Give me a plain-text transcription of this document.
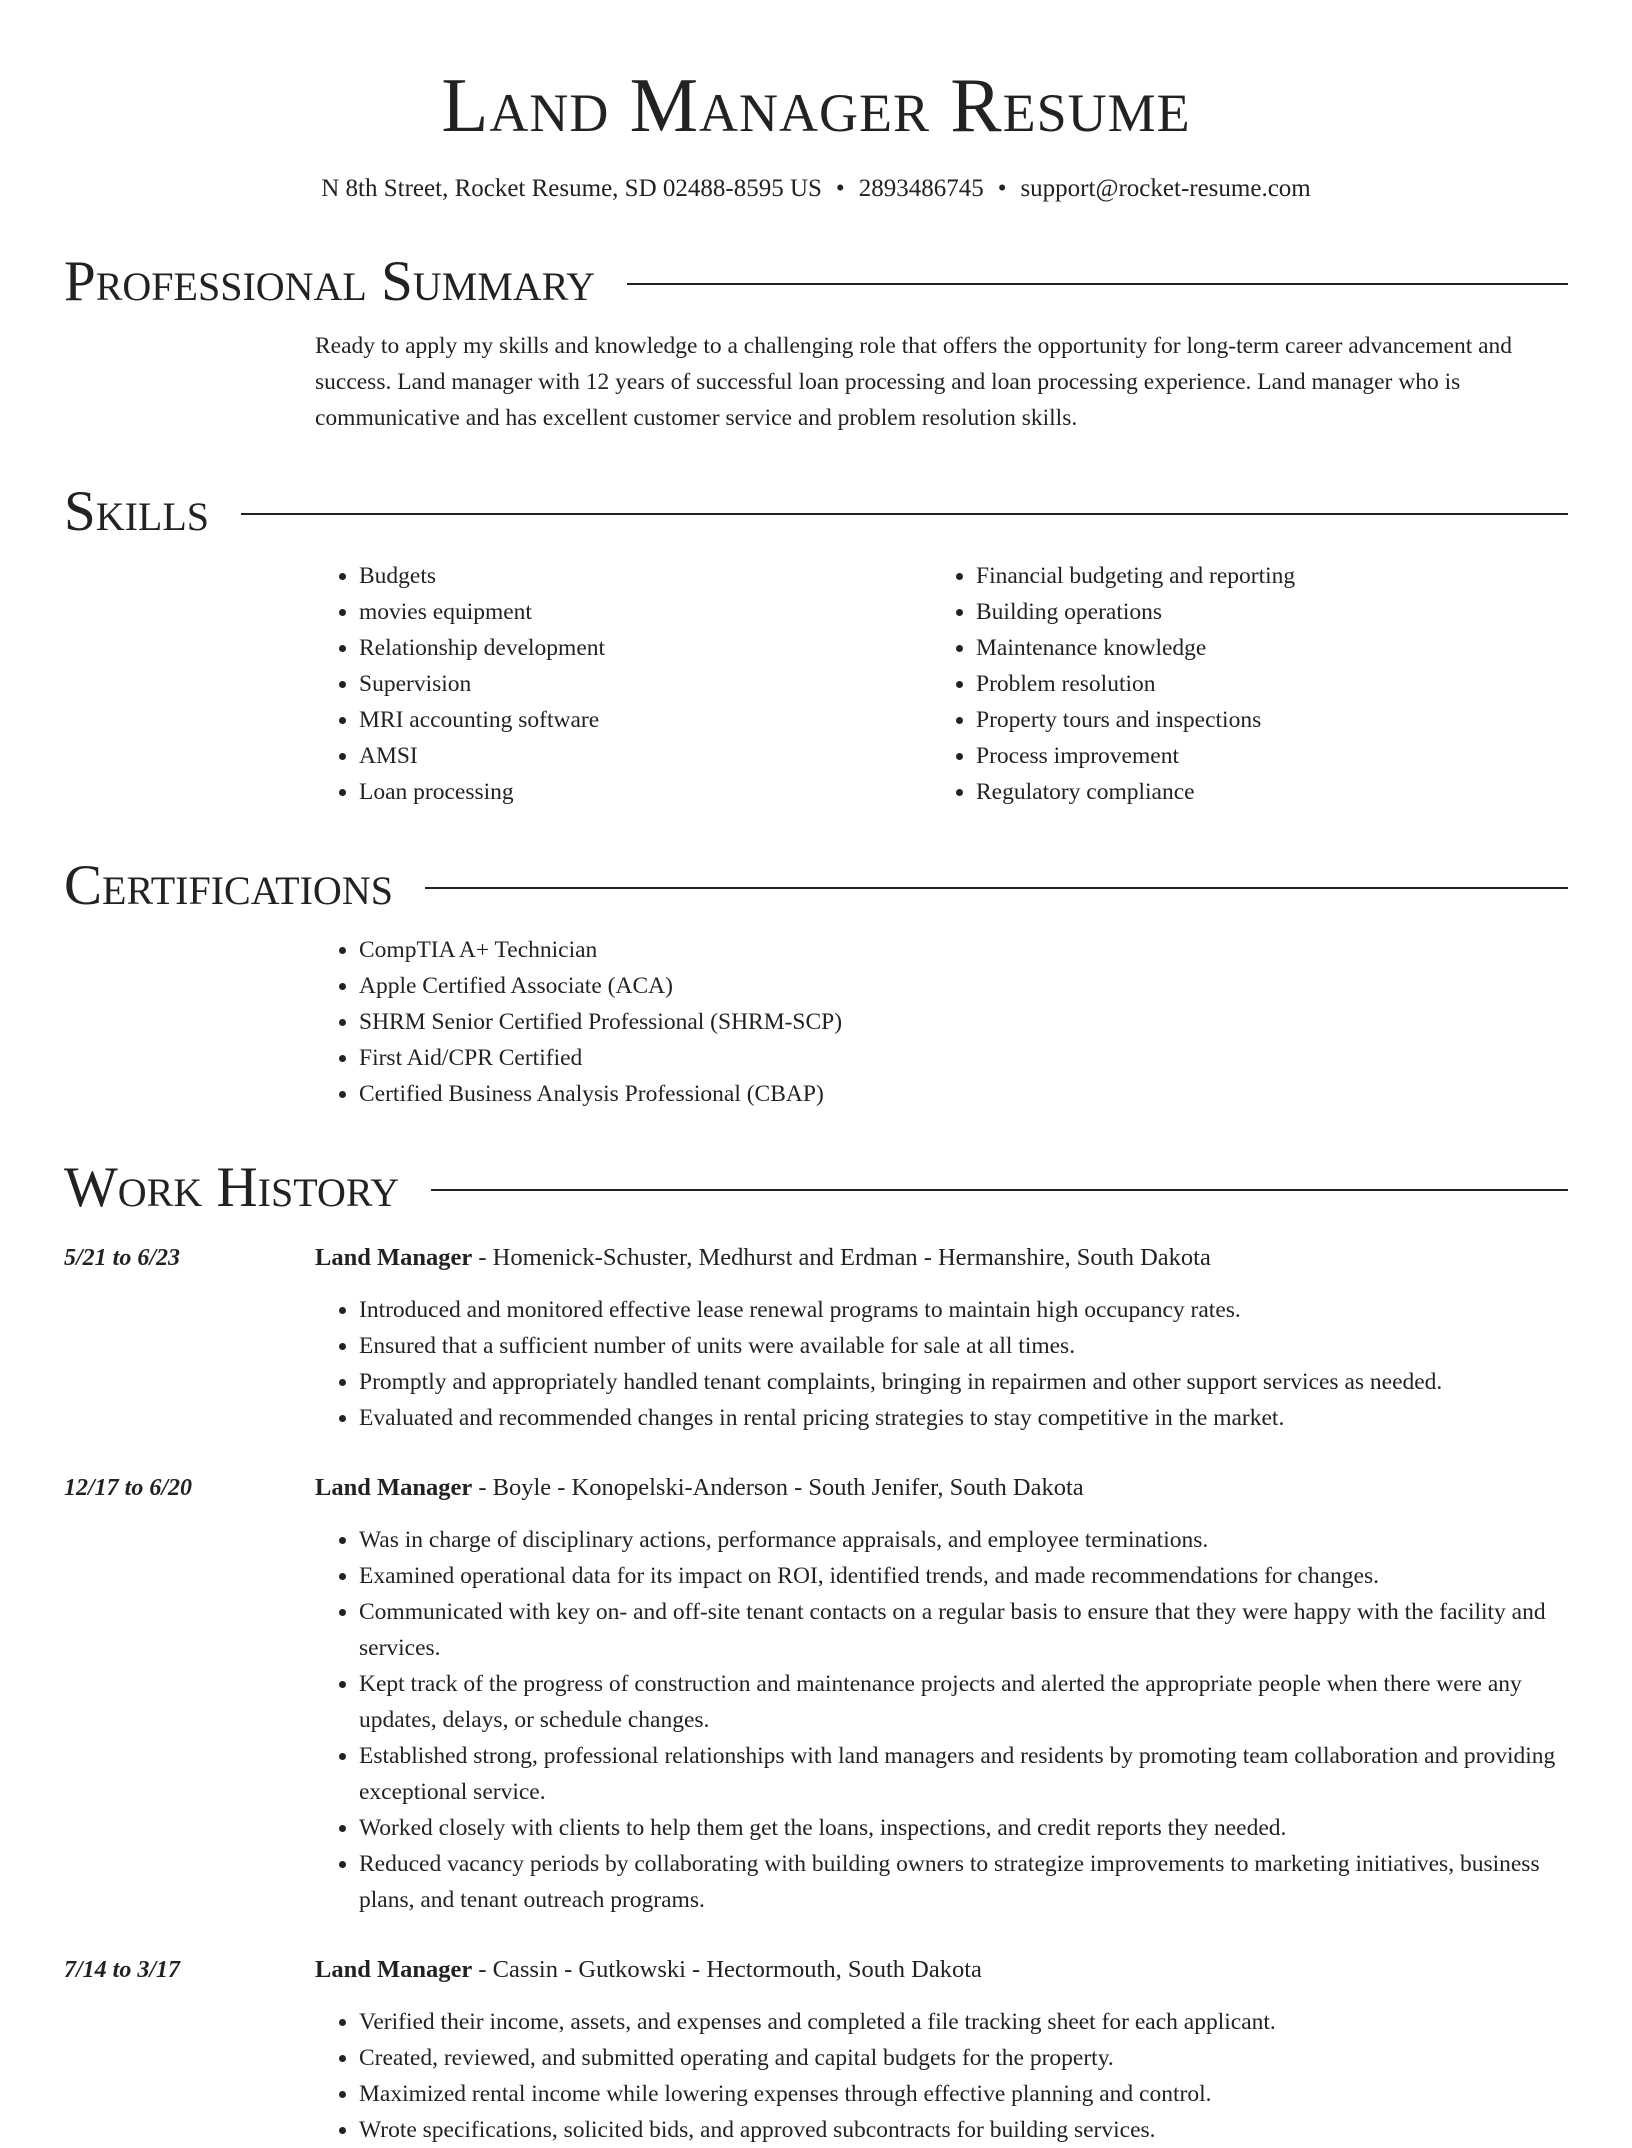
Land Manager Resume
N 8th Street, Rocket Resume, SD 02488-8595 US • 2893486745 • support@rocket-resume.com
Professional Summary

Ready to apply my skills and knowledge to a challenging role that offers the opportunity for long-term career advancement and success. Land manager with 12 years of successful loan processing and loan processing experience. Land manager who is communicative and has excellent customer service and problem resolution skills.

Skills
• Budgets
• movies equipment
• Relationship development
• Supervision
• MRI accounting software
• AMSI
• Loan processing
• Financial budgeting and reporting
• Building operations
• Maintenance knowledge
• Problem resolution
• Property tours and inspections
• Process improvement
• Regulatory compliance
Certifications
• CompTIA A+ Technician
• Apple Certified Associate (ACA)
• SHRM Senior Certified Professional (SHRM-SCP)
• First Aid/CPR Certified
• Certified Business Analysis Professional (CBAP)
Work History
5/21 to 6/23	Land Manager - Homenick-Schuster, Medhurst and Erdman - Hermanshire, South Dakota
• Introduced and monitored effective lease renewal programs to maintain high occupancy rates.
• Ensured that a sufficient number of units were available for sale at all times.
• Promptly and appropriately handled tenant complaints, bringing in repairmen and other support services as needed.
• Evaluated and recommended changes in rental pricing strategies to stay competitive in the market.
12/17 to 6/20	Land Manager - Boyle - Konopelski-Anderson - South Jenifer, South Dakota
• Was in charge of disciplinary actions, performance appraisals, and employee terminations.
• Examined operational data for its impact on ROI, identified trends, and made recommendations for changes.
• Communicated with key on- and off-site tenant contacts on a regular basis to ensure that they were happy with the facility and services.
• Kept track of the progress of construction and maintenance projects and alerted the appropriate people when there were any updates, delays, or schedule changes.
• Established strong, professional relationships with land managers and residents by promoting team collaboration and providing exceptional service.
• Worked closely with clients to help them get the loans, inspections, and credit reports they needed.
• Reduced vacancy periods by collaborating with building owners to strategize improvements to marketing initiatives, business plans, and tenant outreach programs.
7/14 to 3/17	Land Manager - Cassin - Gutkowski - Hectormouth, South Dakota
• Verified their income, assets, and expenses and completed a file tracking sheet for each applicant.
• Created, reviewed, and submitted operating and capital budgets for the property.
• Maximized rental income while lowering expenses through effective planning and control.
• Wrote specifications, solicited bids, and approved subcontracts for building services.
